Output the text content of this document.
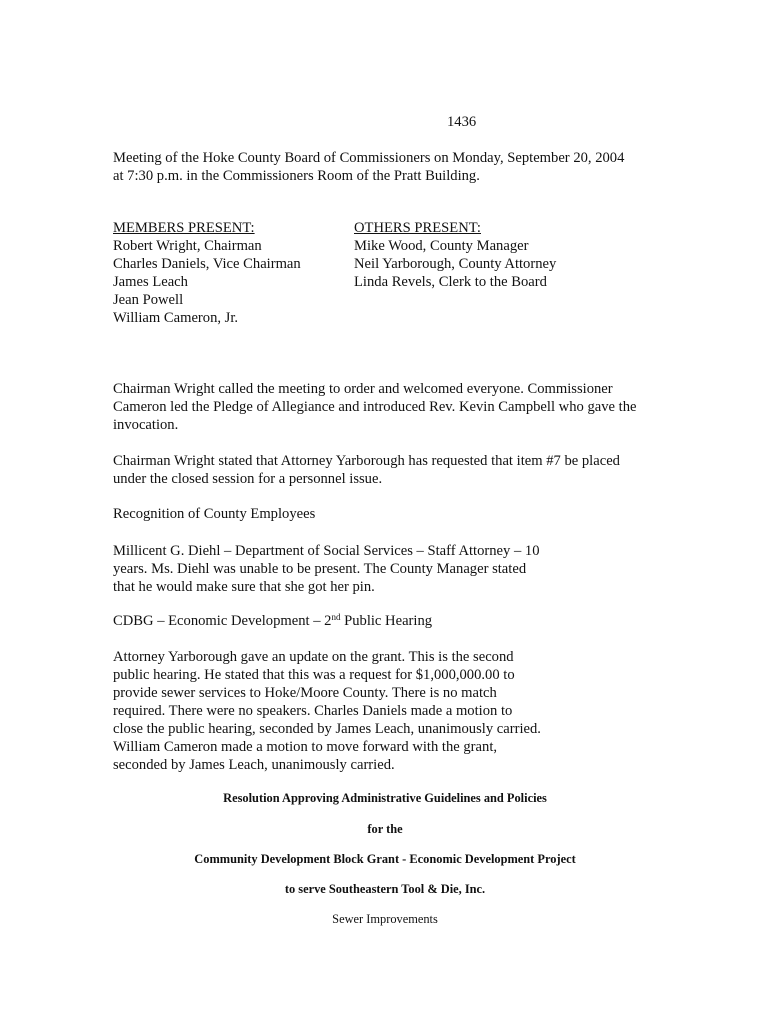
1436
Meeting of the Hoke County Board of Commissioners on Monday, September 20, 2004
at 7:30 p.m. in the Commissioners Room of the Pratt Building.
MEMBERS PRESENT:
Robert Wright, Chairman
Charles Daniels, Vice Chairman
James Leach
Jean Powell
William Cameron, Jr.
OTHERS PRESENT:
Mike Wood, County Manager
Neil Yarborough, County Attorney
Linda Revels, Clerk to the Board
Chairman Wright called the meeting to order and welcomed everyone. Commissioner
Cameron led the Pledge of Allegiance and introduced Rev. Kevin Campbell who gave the
invocation.
Chairman Wright stated that Attorney Yarborough has requested that item #7 be placed
under the closed session for a personnel issue.
Recognition of County Employees
Millicent G. Diehl – Department of Social Services – Staff Attorney – 10
years. Ms. Diehl was unable to be present. The County Manager stated
that he would make sure that she got her pin.
CDBG – Economic Development – 2nd Public Hearing
Attorney Yarborough gave an update on the grant. This is the second
public hearing. He stated that this was a request for $1,000,000.00 to
provide sewer services to Hoke/Moore County. There is no match
required. There were no speakers. Charles Daniels made a motion to
close the public hearing, seconded by James Leach, unanimously carried.
William Cameron made a motion to move forward with the grant,
seconded by James Leach, unanimously carried.
Resolution Approving Administrative Guidelines and Policies
for the
Community Development Block Grant - Economic Development Project
to serve Southeastern Tool & Die, Inc.
Sewer Improvements
